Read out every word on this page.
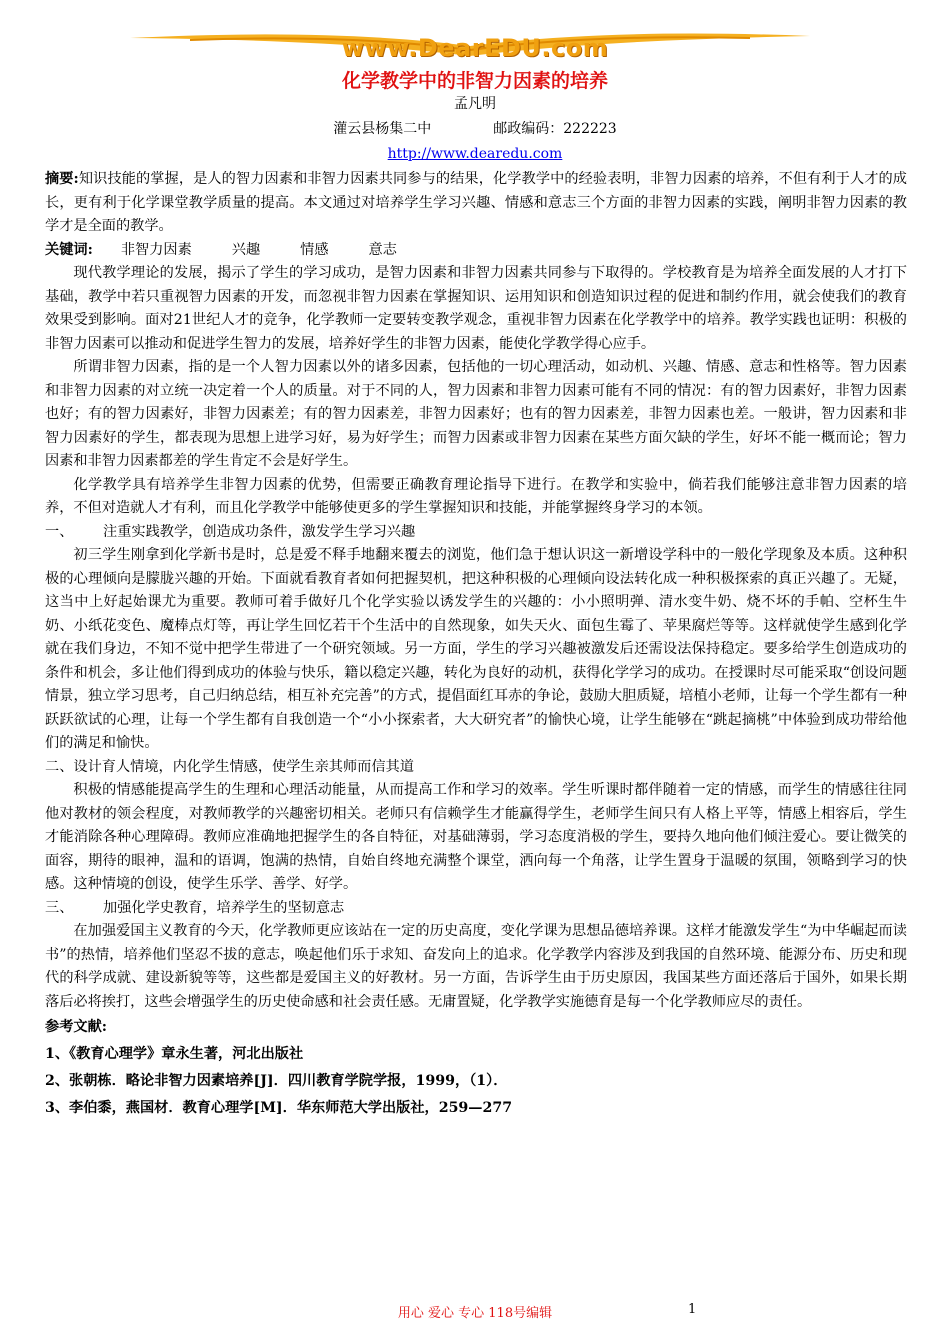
www.DearEDU.com
化学教学中的非智力因素的培养
孟凡明
灌云县杨集二中	邮政编码：222223
http://www.dearedu.com

摘要:知识技能的掌握，是人的智力因素和非智力因素共同参与的结果，化学教学中的经验表明，非智力因素的培养，不但有利于人才的成长，更有利于化学课堂教学质量的提高。本文通过对培养学生学习兴趣、情感和意志三个方面的非智力因素的实践，阐明非智力因素的教学才是全面的教学。

关键词: 非智力因素	兴趣	情感	意志

现代教学理论的发展，揭示了学生的学习成功，是智力因素和非智力因素共同参与下取得的。学校教育是为培养全面发展的人才打下基础，教学中若只重视智力因素的开发，而忽视非智力因素在掌握知识、运用知识和创造知识过程的促进和制约作用，就会使我们的教育效果受到影响。面对21世纪人才的竞争，化学教师一定要转变教学观念，重视非智力因素在化学教学中的培养。教学实践也证明：积极的非智力因素可以推动和促进学生智力的发展，培养好学生的非智力因素，能使化学教学得心应手。

所谓非智力因素，指的是一个人智力因素以外的诸多因素，包括他的一切心理活动，如动机、兴趣、情感、意志和性格等。智力因素和非智力因素的对立统一决定着一个人的质量。对于不同的人，智力因素和非智力因素可能有不同的情况：有的智力因素好，非智力因素也好；有的智力因素好，非智力因素差；有的智力因素差，非智力因素好；也有的智力因素差，非智力因素也差。一般讲，智力因素和非智力因素好的学生，都表现为思想上进学习好，易为好学生；而智力因素或非智力因素在某些方面欠缺的学生，好坏不能一概而论；智力因素和非智力因素都差的学生肯定不会是好学生。

化学教学具有培养学生非智力因素的优势，但需要正确教育理论指导下进行。在教学和实验中，倘若我们能够注意非智力因素的培养，不但对造就人才有利，而且化学教学中能够使更多的学生掌握知识和技能，并能掌握终身学习的本领。

一、 注重实践教学，创造成功条件，激发学生学习兴趣

初三学生刚拿到化学新书是时，总是爱不释手地翻来覆去的浏览，他们急于想认识这一新增设学科中的一般化学现象及本质。这种积极的心理倾向是朦胧兴趣的开始。下面就看教育者如何把握契机，把这种积极的心理倾向设法转化成一种积极探索的真正兴趣了。无疑，这当中上好起始课尤为重要。教师可着手做好几个化学实验以诱发学生的兴趣的：小小照明弹、清水变牛奶、烧不坏的手帕、空杯生牛奶、小纸花变色、魔棒点灯等，再让学生回忆若干个生活中的自然现象，如失天火、面包生霉了、苹果腐烂等等。这样就使学生感到化学就在我们身边，不知不觉中把学生带进了一个研究领域。另一方面，学生的学习兴趣被激发后还需设法保持稳定。要多给学生创造成功的条件和机会，多让他们得到成功的体验与快乐，籍以稳定兴趣，转化为良好的动机，获得化学学习的成功。在授课时尽可能采取“创设问题情景，独立学习思考，自己归纳总结，相互补充完善”的方式，提倡面红耳赤的争论，鼓励大胆质疑，培植小老师，让每一个学生都有一种跃跃欲试的心理，让每一个学生都有自我创造一个“小小探索者，大大研究者”的愉快心境，让学生能够在“跳起摘桃”中体验到成功带给他们的满足和愉快。

二、设计育人情境，内化学生情感，使学生亲其师而信其道

积极的情感能提高学生的生理和心理活动能量，从而提高工作和学习的效率。学生听课时都伴随着一定的情感，而学生的情感往往同他对教材的领会程度，对教师教学的兴趣密切相关。老师只有信赖学生才能赢得学生，老师学生间只有人格上平等，情感上相容后，学生才能消除各种心理障碍。教师应准确地把握学生的各自特征，对基础薄弱，学习态度消极的学生，要持久地向他们倾注爱心。要让微笑的面容，期待的眼神，温和的语调，饱满的热情，自始自终地充满整个课堂，洒向每一个角落，让学生置身于温暖的氛围，领略到学习的快感。这种情境的创设，使学生乐学、善学、好学。

三、 加强化学史教育，培养学生的坚韧意志

在加强爱国主义教育的今天，化学教师更应该站在一定的历史高度，变化学课为思想品德培养课。这样才能激发学生“为中华崛起而读书”的热情，培养他们坚忍不拔的意志，唤起他们乐于求知、奋发向上的追求。化学教学内容涉及到我国的自然环境、能源分布、历史和现代的科学成就、建设新貌等等，这些都是爱国主义的好教材。另一方面，告诉学生由于历史原因，我国某些方面还落后于国外，如果长期落后必将挨打，这些会增强学生的历史使命感和社会责任感。无庸置疑，化学教学实施德育是每一个化学教师应尽的责任。

参考文献:

1、《教育心理学》章永生著，河北出版社

2、张朝栋．略论非智力因素培养[J]．四川教育学院学报，1999，（1）．

3、李伯黍，燕国材．教育心理学[M]．华东师范大学出版社，259—277

用心 爱心 专心 118号编辑	1
